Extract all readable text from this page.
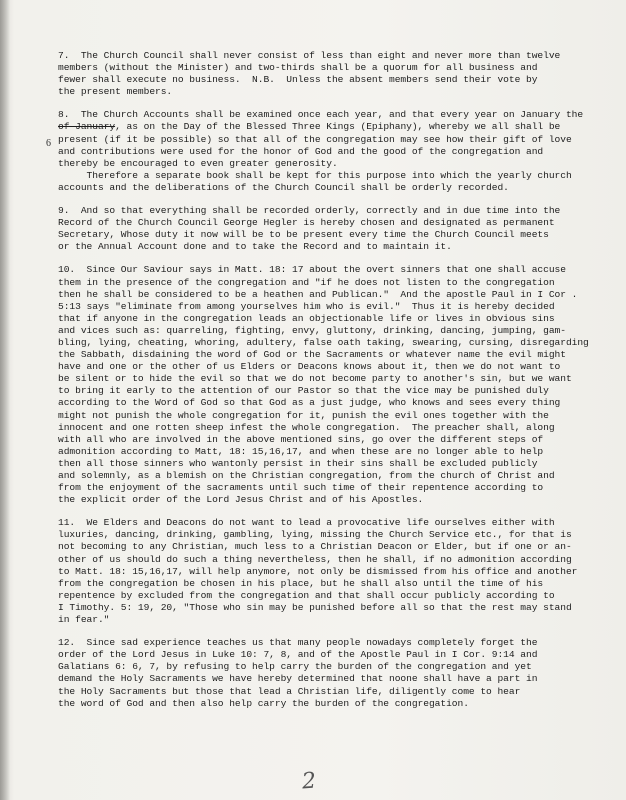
6
7.  The Church Council shall never consist of less than eight and never more than twelve
members (without the Minister) and two-thirds shall be a quorum for all business and
fewer shall execute no business.  N.B.  Unless the absent members send their vote by
the present members.
8.  The Church Accounts shall be examined once each year, and that every year on January the
of January, as on the Day of the Blessed Three Kings (Epiphany), whereby we all shall be
present (if it be possible) so that all of the congregation may see how their gift of love
and contributions were used for the honor of God and the good of the congregation and
thereby be encouraged to even greater generosity.
Therefore a separate book shall be kept for this purpose into which the yearly church
accounts and the deliberations of the Church Council shall be orderly recorded.
9.  And so that everything shall be recorded orderly, correctly and in due time into the
Record of the Church Council George Hegler is hereby chosen and designated as permanent
Secretary, Whose duty it now will be to be present every time the Church Council meets
or the Annual Account done and to take the Record and to maintain it.
10.  Since Our Saviour says in Matt. 18: 17 about the overt sinners that one shall accuse
them in the presence of the congregation and "if he does not listen to the congregation
then he shall be considered to be a heathen and Publican."  And the apostle Paul in I Cor .
5:13 says "eliminate from among yourselves him who is evil."  Thus it is hereby decided
that if anyone in the congregation leads an objectionable life or lives in obvious sins
and vices such as: quarreling, fighting, envy, gluttony, drinking, dancing, jumping, gam-
bling, lying, cheating, whoring, adultery, false oath taking, swearing, cursing, disregarding
the Sabbath, disdaining the word of God or the Sacraments or whatever name the evil might
have and one or the other of us Elders or Deacons knows about it, then we do not want to
be silent or to hide the evil so that we do not become party to another's sin, but we want
to bring it early to the attention of our Pastor so that the vice may be punished duly
according to the Word of God so that God as a just judge, who knows and sees every thing
might not punish the whole congregation for it, punish the evil ones together with the
innocent and one rotten sheep infest the whole congregation.  The preacher shall, along
with all who are involved in the above mentioned sins, go over the different steps of
admonition according to Matt, 18: 15,16,17, and when these are no longer able to help
then all those sinners who wantonly persist in their sins shall be excluded publicly
and solemnly, as a blemish on the Christian congregation, from the church of Christ and
from the enjoyment of the sacraments until such time of their repentence according to
the explicit order of the Lord Jesus Christ and of his Apostles.
11.  We Elders and Deacons do not want to lead a provocative life ourselves either with
luxuries, dancing, drinking, gambling, lying, missing the Church Service etc., for that is
not becoming to any Christian, much less to a Christian Deacon or Elder, but if one or an-
other of us should do such a thing nevertheless, then he shall, if no admonition according
to Matt. 18: 15,16,17, will help anymore, not only be dismissed from his office and another
from the congregation be chosen in his place, but he shall also until the time of his
repentence by excluded from the congregation and that shall occur publicly according to
I Timothy. 5: 19, 20, "Those who sin may be punished before all so that the rest may stand
in fear."
12.  Since sad experience teaches us that many people nowadays completely forget the
order of the Lord Jesus in Luke 10: 7, 8, and of the Apostle Paul in I Cor. 9:14 and
Galatians 6: 6, 7, by refusing to help carry the burden of the congregation and yet
demand the Holy Sacraments we have hereby determined that noone shall have a part in
the Holy Sacraments but those that lead a Christian life, diligently come to hear
the word of God and then also help carry the burden of the congregation.
2
